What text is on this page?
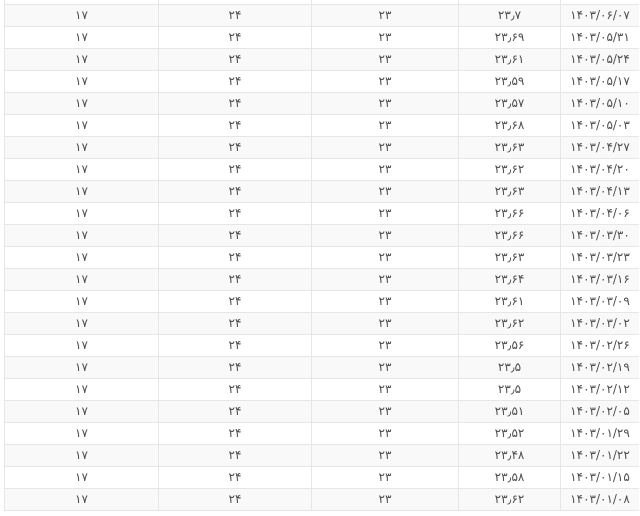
۱۷	۲۴	۲۳	۲۳٫۷	۱۴۰۳/۰۶/۰۷
۱۷	۲۴	۲۳	۲۳٫۶۹	۱۴۰۳/۰۵/۳۱
۱۷	۲۴	۲۳	۲۳٫۶۱	۱۴۰۳/۰۵/۲۴
۱۷	۲۴	۲۳	۲۳٫۵۹	۱۴۰۳/۰۵/۱۷
۱۷	۲۴	۲۳	۲۳٫۵۷	۱۴۰۳/۰۵/۱۰
۱۷	۲۴	۲۳	۲۳٫۶۸	۱۴۰۳/۰۵/۰۳
۱۷	۲۴	۲۳	۲۳٫۶۳	۱۴۰۳/۰۴/۲۷
۱۷	۲۴	۲۳	۲۳٫۶۲	۱۴۰۳/۰۴/۲۰
۱۷	۲۴	۲۳	۲۳٫۶۳	۱۴۰۳/۰۴/۱۳
۱۷	۲۴	۲۳	۲۳٫۶۶	۱۴۰۳/۰۴/۰۶
۱۷	۲۴	۲۳	۲۳٫۶۶	۱۴۰۳/۰۳/۳۰
۱۷	۲۴	۲۳	۲۳٫۶۳	۱۴۰۳/۰۳/۲۳
۱۷	۲۴	۲۳	۲۳٫۶۴	۱۴۰۳/۰۳/۱۶
۱۷	۲۴	۲۳	۲۳٫۶۱	۱۴۰۳/۰۳/۰۹
۱۷	۲۴	۲۳	۲۳٫۶۲	۱۴۰۳/۰۳/۰۲
۱۷	۲۴	۲۳	۲۳٫۵۶	۱۴۰۳/۰۲/۲۶
۱۷	۲۴	۲۳	۲۳٫۵	۱۴۰۳/۰۲/۱۹
۱۷	۲۴	۲۳	۲۳٫۵	۱۴۰۳/۰۲/۱۲
۱۷	۲۴	۲۳	۲۳٫۵۱	۱۴۰۳/۰۲/۰۵
۱۷	۲۴	۲۳	۲۳٫۵۲	۱۴۰۳/۰۱/۲۹
۱۷	۲۴	۲۳	۲۳٫۴۸	۱۴۰۳/۰۱/۲۲
۱۷	۲۴	۲۳	۲۳٫۵۸	۱۴۰۳/۰۱/۱۵
۱۷	۲۴	۲۳	۲۳٫۶۲	۱۴۰۳/۰۱/۰۸
